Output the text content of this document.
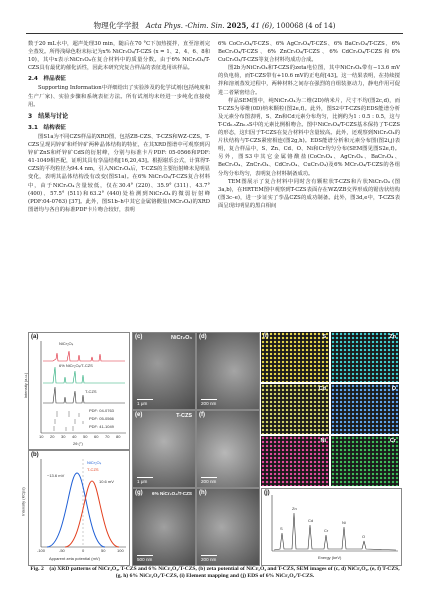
物理化学学报 Acta Phys. -Chim. Sin. 2025, 41 (6), 100068 (4 of 14)

数于20 mL水中，超声处理30 min，随后在70 °C下加热搅拌，直至溶剂完全蒸发。所得浅绿色粉末标记为x% NiCr₂O₄/T-CZS (x = 1、2、4、6、8和10)，其中x表示NiCr₂O₄在复合材料中的质量分数。由于6% NiCr₂O₄/T-CZS具有最优的催化活性，因此本研究究复合样品的表征选用该样品。

2.4　样品表征

Supporting Information中详细给出了实验涉及的化学试剂(包括纯度和生产厂家)、实验步骤和系统表征方法。所有试剂均未经进一步纯化直接使用。

3　结果与讨论
3.1　结构表征

图S1a为不同CZS样品的XRD图，包括ZB-CZS、T-CZS和WZ-CZS。T-CZS呈现闪锌矿和纤锌矿两种晶体结构的特征，在其XRD图谱中可观察到闪锌矿ZnS和纤锌矿CdS的衍射峰，分别与标准卡片PDF: 05-0566和PDF: 41-1049相匹配，证明其具有孪晶结构[16,20,43]。根据谢乐公式，计算得T-CZS的平均粒径为94.4 nm，引入NiCr₂O₄后，T-CZS的主要衍射峰未见明显变化，表明其晶体结构没有改变(图S1a)。在6% NiCr₂O₄/T-CZS复合材料中，由于NiCr₂O₄含量较低，仅在30.4° (220)、35.9° (311)、43.7° (400)、57.5° (511)和63.2° (440)处检测到NiCr₂O₄的微弱衍射峰(PDF:04-0763) [37]。此外，图S1b–h中其它金属铬酸盐(MCr₂O₄)的XRD图谱均与各自的标准PDF卡片吻合较好，表明

6% CoCr₂O₄/T-CZS、6% AgCr₂O₄/T-CZS、6% BaCr₂O₄/T-CZS、6% BeCr₂O₄/T-CZS、6% ZnCr₂O₄/T-CZS、6% CdCr₂O₄/T-CZS和6% CuCr₂O₄/T-CZS等复合材料均成功合成。

图2b为NiCr₂O₄和T-CZS的zeta电位图，其中NiCr₂O₄带有−13.6 mV的负电荷，而T-CZS带有+10.6 mV的正电荷[43]。这一结果表明，在持续搅拌和溶剂蒸发过程中，两种材料之间存在强烈的自组装驱动力，静电作用可促进二者紧密结合。

样品SEM图中，纯NiCr₂O₄为二维(2D)纳米片，尺寸不均(图2c,d)，而T-CZS为零维(0D)纳米颗粒(图2e,f)。此外，图S2中T-CZS的EDS能谱分析及元素分布图表明，S、Zn和Cd元素分布均匀，比例约为1 : 0.5 : 0.5，这与T-Cd₀.₅Zn₀.₅S中的元素比例相吻合。图中NiCr₂O₄/T-CZS基本保持了T-CZS的形态，这归因于T-CZS在复合材料中含量较高。此外，还观察到NiCr₂O₄的片状结构与T-CZS紧密相连(图2g,h)。EDS能谱分析和元素分布图(图2i,j)表明，复合样品中，S、Zn、Cd、O、Ni和Cr均匀分布(SEM图见图S2e,f)。另外，图S3中其它金属铬酸盐(CoCr₂O₄、AgCr₂O₄、BaCr₂O₄、BeCr₂O₄、ZnCr₂O₄、CdCr₂O₄、CuCr₂O₄)及6% MCr₂O₄/T-CZS的各组分均分布均匀，表明复合材料制备成功。

TEM图展示了复合材料中同时含有颗粒状T-CZS和片状NiCr₂O₄ (图3a,b)，在HRTEM图中观察到T-CZS表面存在WZ/ZB交界形成的锯齿状结构(图3c–e)，进一步证实了孪晶CZS的成功制备。此外，图3d,e中，T-CZS表面呈现出明显的黑白相间

(a)
NiCr₂O₄
6% NiCr₂O₄/T-CZS
T-CZS
PDF: 04-0763
PDF: 05-0566
PDF: 41-1049
Intensity (a.u.)
10 20 30 40 50 60 70 80
2θ (°)
(b)
NiCr₂O₄
T-CZS
−13.6 mV
10.6 mV
Intensity (KCps)
-100	-50	0	50	100
Apparent zeta potential (mV)
(c)	NiCr₂O₄
1 μm
(d)
200 nm
(e)	T-CZS
1 μm
(f)
200 nm
(g) 6% NiCr₂O₄/T-CZS
500 nm
(h)
200 nm
(i)	S	Zn
Cd	O
Ni	Cr
(j)
S
Zn
Cd
Cr
Ni
O
Energy (keV)
Fig. 2　(a) XRD patterns of NiCr₂O₄, T-CZS and 6% NiCr₂O₄/T-CZS, (b) zeta potential of NiCr₂O₄ and T-CZS, SEM images of (c, d) NiCr₂O₄, (e, f) T-CZS, (g, h) 6% NiCr₂O₄/T-CZS, (i) Element mapping and (j) EDS of 6% NiCr₂O₄/T-CZS.
